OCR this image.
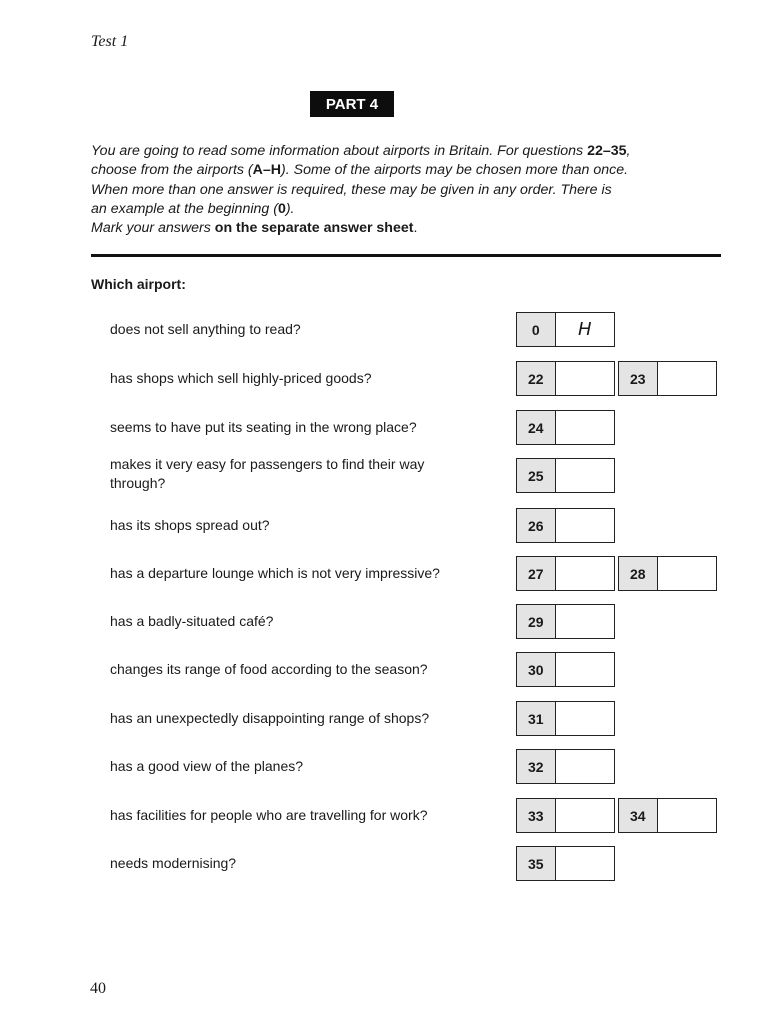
Test 1
PART 4
You are going to read some information about airports in Britain. For questions 22–35, choose from the airports (A–H). Some of the airports may be chosen more than once. When more than one answer is required, these may be given in any order. There is an example at the beginning (0).
Mark your answers on the separate answer sheet.
Which airport:
does not sell anything to read?	0	H
has shops which sell highly-priced goods?	22	23
seems to have put its seating in the wrong place?	24
makes it very easy for passengers to find their way through?	25
has its shops spread out?	26
has a departure lounge which is not very impressive?	27	28
has a badly-situated café?	29
changes its range of food according to the season?	30
has an unexpectedly disappointing range of shops?	31
has a good view of the planes?	32
has facilities for people who are travelling for work?	33	34
needs modernising?	35
40
